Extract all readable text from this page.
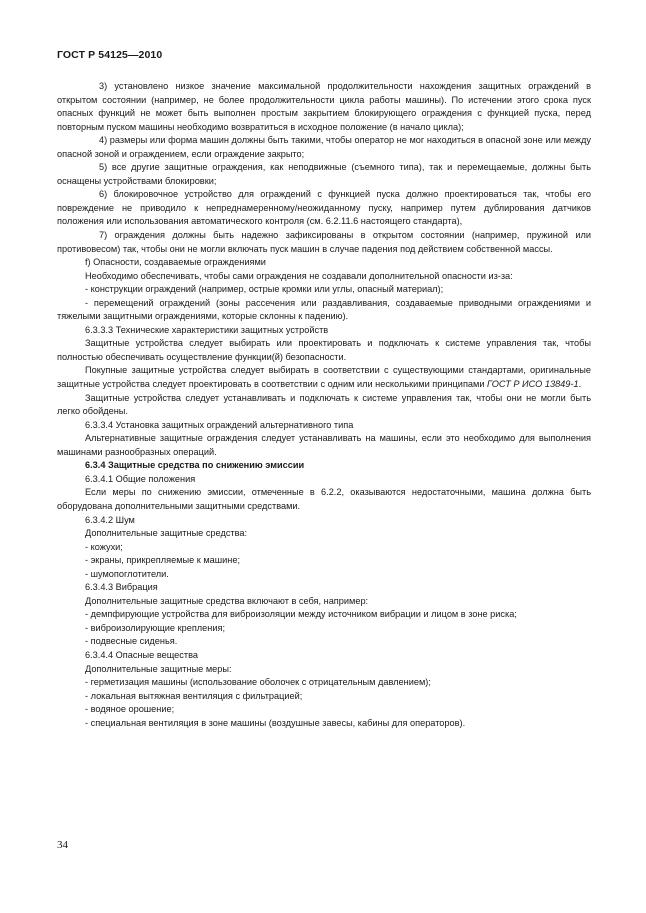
ГОСТ Р 54125—2010

3) установлено низкое значение максимальной продолжительности нахождения защитных ограждений в открытом состоянии (например, не более продолжительности цикла работы машины). По истечении этого срока пуск опасных функций не может быть выполнен простым закрытием блокирующего ограждения с функцией пуска, перед повторным пуском машины необходимо возвратиться в исходное положение (в начало цикла);

4) размеры или форма машин должны быть такими, чтобы оператор не мог находиться в опасной зоне или между опасной зоной и ограждением, если ограждение закрыто;

5) все другие защитные ограждения, как неподвижные (съемного типа), так и перемещаемые, должны быть оснащены устройствами блокировки;

6) блокировочное устройство для ограждений с функцией пуска должно проектироваться так, чтобы его повреждение не приводило к непреднамеренному/неожиданному пуску, например путем дублирования датчиков положения или использования автоматического контроля (см. 6.2.11.6 настоящего стандарта),

7) ограждения должны быть надежно зафиксированы в открытом состоянии (например, пружиной или противовесом) так, чтобы они не могли включать пуск машин в случае падения под действием собственной массы.

f) Опасности, создаваемые ограждениями

Необходимо обеспечивать, чтобы сами ограждения не создавали дополнительной опасности из-за:

- конструкции ограждений (например, острые кромки или углы, опасный материал);

- перемещений ограждений (зоны рассечения или раздавливания, создаваемые приводными ограждениями и тяжелыми защитными ограждениями, которые склонны к падению).

6.3.3.3 Технические характеристики защитных устройств

Защитные устройства следует выбирать или проектировать и подключать к системе управления так, чтобы полностью обеспечивать осуществление функции(й) безопасности.

Покупные защитные устройства следует выбирать в соответствии с существующими стандартами, оригинальные защитные устройства следует проектировать в соответствии с одним или несколькими принципами ГОСТ Р ИСО 13849-1.

Защитные устройства следует устанавливать и подключать к системе управления так, чтобы они не могли быть легко обойдены.

6.3.3.4 Установка защитных ограждений альтернативного типа

Альтернативные защитные ограждения следует устанавливать на машины, если это необходимо для выполнения машинами разнообразных операций.

6.3.4 Защитные средства по снижению эмиссии

6.3.4.1 Общие положения

Если меры по снижению эмиссии, отмеченные в 6.2.2, оказываются недостаточными, машина должна быть оборудована дополнительными защитными средствами.

6.3.4.2 Шум

Дополнительные защитные средства:

- кожухи;

- экраны, прикрепляемые к машине;

- шумопоглотители.

6.3.4.3 Вибрация

Дополнительные защитные средства включают в себя, например:

- демпфирующие устройства для виброизоляции между источником вибрации и лицом в зоне риска;

- виброизолирующие крепления;

- подвесные сиденья.

6.3.4.4 Опасные вещества

Дополнительные защитные меры:

- герметизация машины (использование оболочек с отрицательным давлением);

- локальная вытяжная вентиляция с фильтрацией;

- водяное орошение;

- специальная вентиляция в зоне машины (воздушные завесы, кабины для операторов).

34
